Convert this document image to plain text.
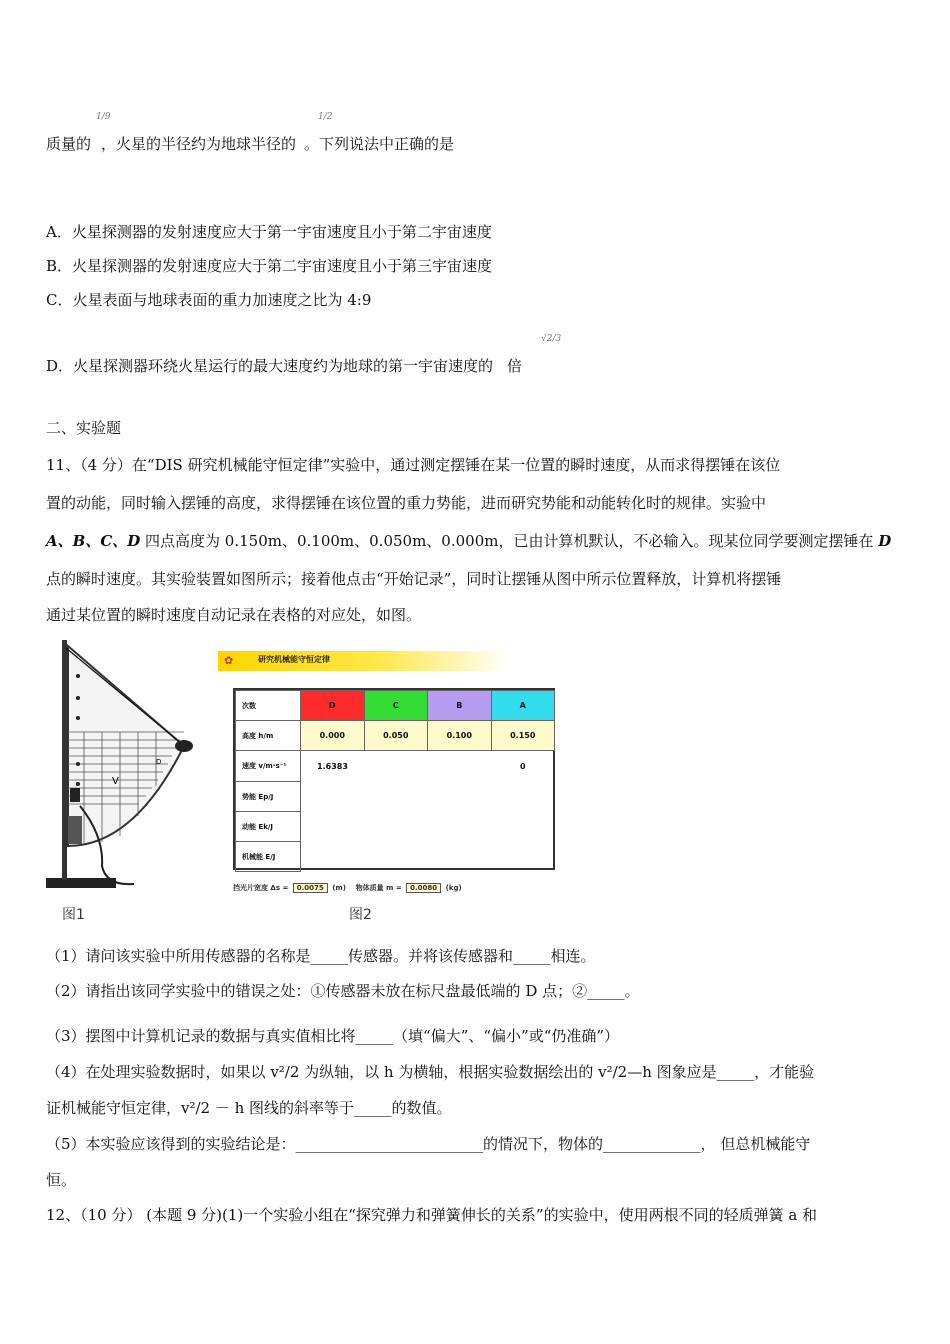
质量的 ，火星的半径约为地球半径的 。下列说法中正确的是
1/9	1/2
A．火星探测器的发射速度应大于第一宇宙速度且小于第二宇宙速度
B．火星探测器的发射速度应大于第二宇宙速度且小于第三宇宙速度
C．火星表面与地球表面的重力加速度之比为 4:9
D．火星探测器环绕火星运行的最大速度约为地球的第一宇宙速度的 倍
√2/3
二、实验题
11、（4 分）在“DIS 研究机械能守恒定律”实验中，通过测定摆锤在某一位置的瞬时速度，从而求得摆锤在该位
置的动能，同时输入摆锤的高度，求得摆锤在该位置的重力势能，进而研究势能和动能转化时的规律。实验中
A、B、C、D 四点高度为 0.150m、0.100m、0.050m、0.000m，已由计算机默认，不必输入。现某位同学要测定摆锤在 D
点的瞬时速度。其实验装置如图所示；接着他点击“开始记录”，同时让摆锤从图中所示位置释放，计算机将摆锤
通过某位置的瞬时速度自动记录在表格的对应处，如图。
V
D
图1	图2
✿	研究机械能守恒定律
次数	D	C	B	A
高度 h/m	0.000	0.050	0.100	0.150
速度 v/m·s⁻¹	1.6383			0
势能 Ep/J				
动能 Ek/J				
机械能 E/J				
挡光片宽度 Δs = 0.0075 (m) 物体质量 m = 0.0080 (kg)
（1）请问该实验中所用传感器的名称是_____传感器。并将该传感器和_____相连。
（2）请指出该同学实验中的错误之处：①传感器未放在标尺盘最低端的 D 点；②_____。
（3）摆图中计算机记录的数据与真实值相比将_____（填“偏大”、“偏小”或“仍准确”）
（4）在处理实验数据时，如果以 v²/2 为纵轴，以 h 为横轴，根据实验数据绘出的 v²/2—h 图象应是_____，才能验
证机械能守恒定律，v²/2 － h 图线的斜率等于_____的数值。
（5）本实验应该得到的实验结论是：_________________________的情况下，物体的_____________， 但总机械能守
恒。
12、（10 分） (本题 9 分)(1)一个实验小组在“探究弹力和弹簧伸长的关系”的实验中，使用两根不同的轻质弹簧 a 和
